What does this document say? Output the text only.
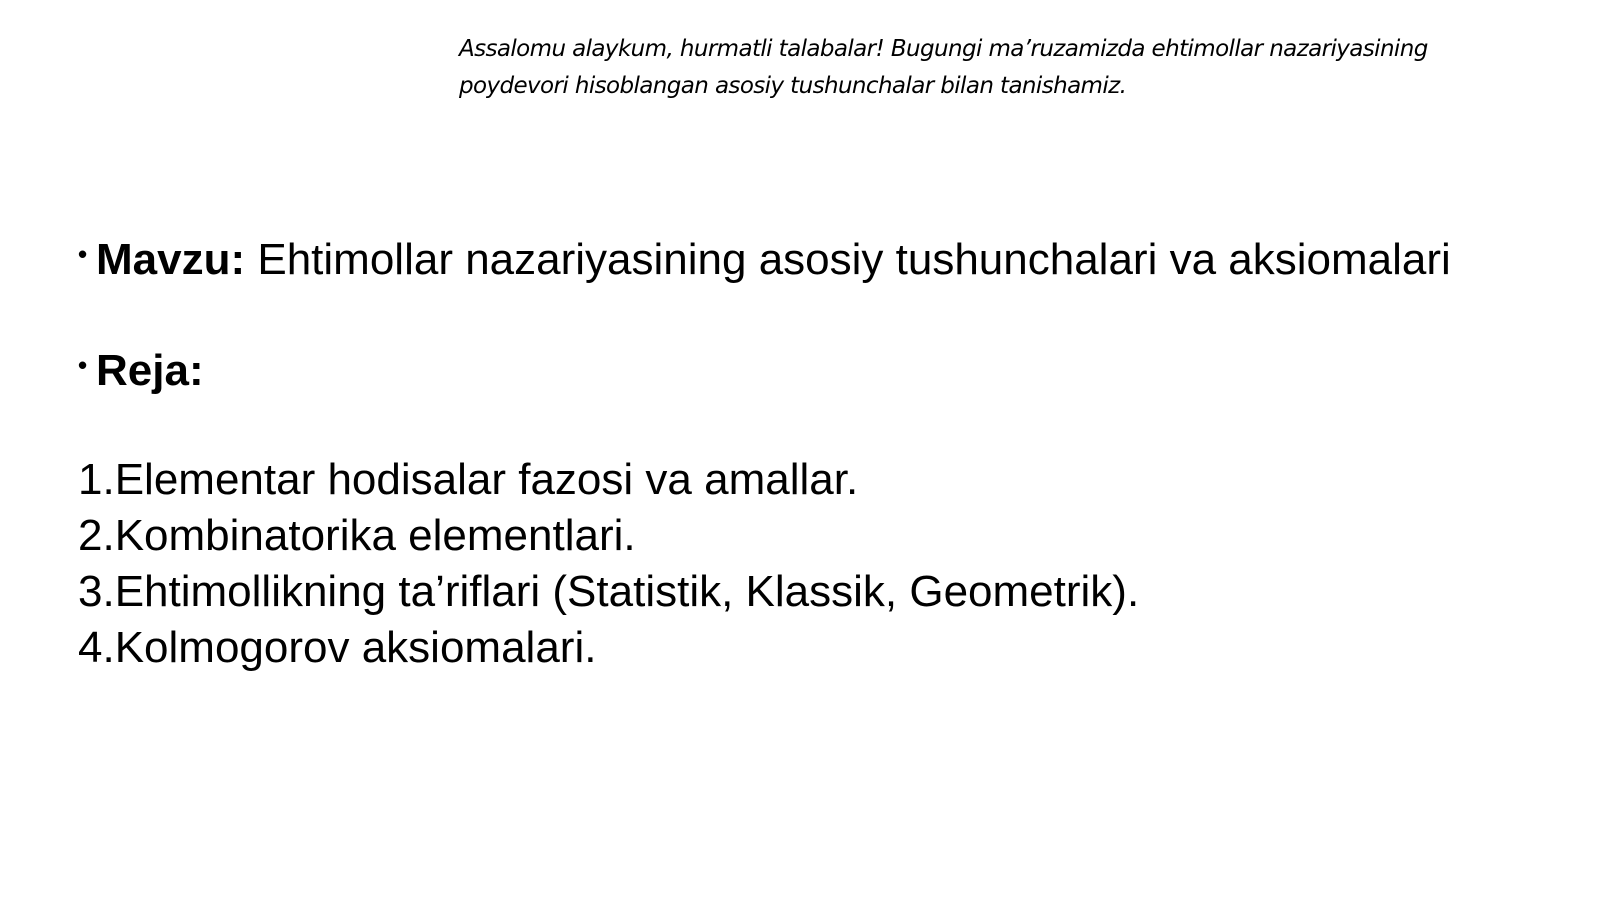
Assalomu alaykum, hurmatli talabalar! Bugungi ma’ruzamizda ehtimollar nazariyasining
poydevori hisoblangan asosiy tushunchalar bilan tanishamiz.
• Mavzu: Ehtimollar nazariyasining asosiy tushunchalari va aksiomalari
• Reja:
1.Elementar hodisalar fazosi va amallar.
2.Kombinatorika elementlari.
3.Ehtimollikning ta’riflari (Statistik, Klassik, Geometrik).
4.Kolmogorov aksiomalari.
